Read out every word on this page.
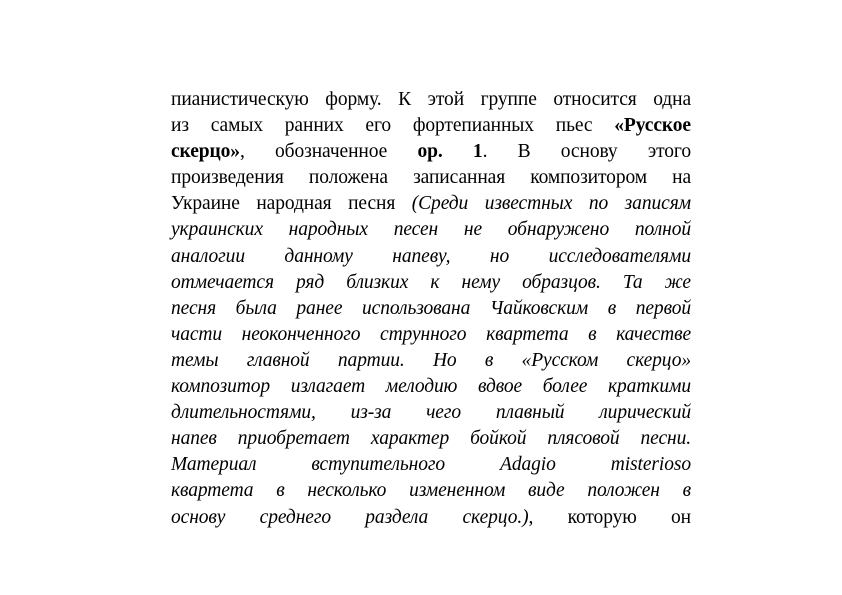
пианистическую форму. К этой группе относится одна
из самых ранних его фортепианных пьес «Русское
скерцо», обозначенное ор. 1. В основу этого
произведения положена записанная композитором на
Украине народная песня (Среди известных по записям
украинских народных песен не обнаружено полной
аналогии данному напеву, но исследователями
отмечается ряд близких к нему образцов. Та же
песня была ранее использована Чайковским в первой
части неоконченного струнного квартета в качестве
темы главной партии. Но в «Русском скерцо»
композитор излагает мелодию вдвое более краткими
длительностями, из-за чего плавный лирический
напев приобретает характер бойкой плясовой песни.
Материал вступительного Adagio misterioso
квартета в несколько измененном виде положен в
основу среднего раздела скерцо.), которую он
